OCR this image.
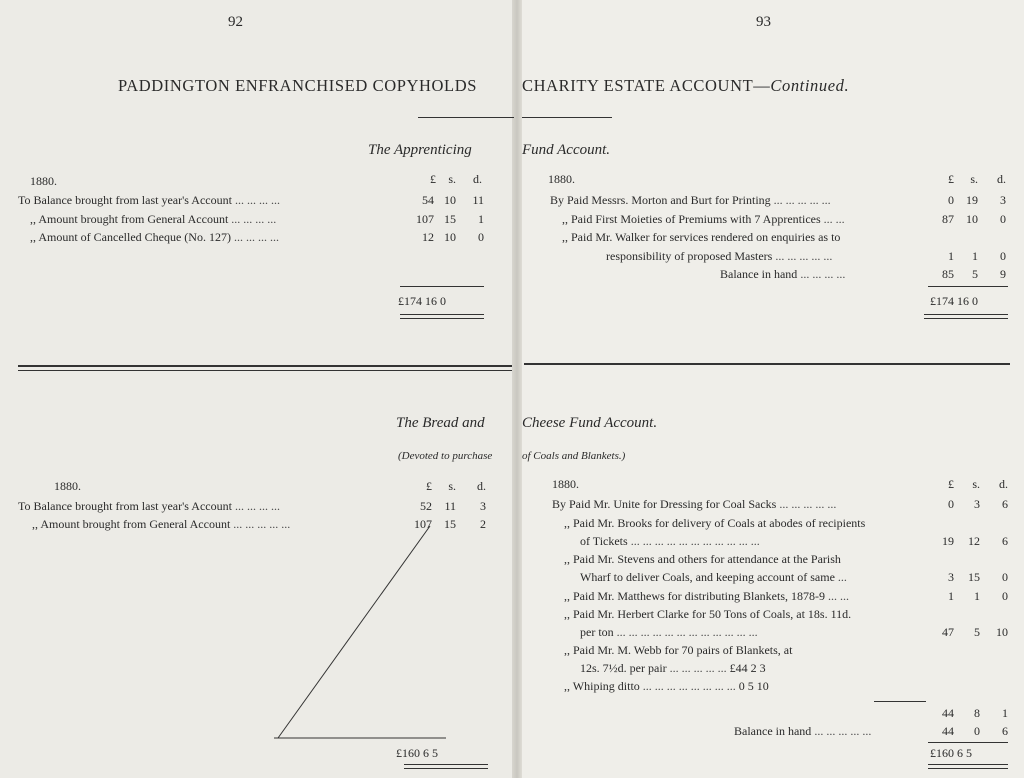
92	93
PADDINGTON ENFRANCHISED COPYHOLDS	CHARITY ESTATE ACCOUNT—Continued.
The Apprenticing	Fund Account.
1880.	£	s.	d.	1880.	£	s.	d.
To Balance brought from last year's Account ... ... ... ...	54 10	11
,, Amount brought from General Account ... ... ... ...	107 15	1
,, Amount of Cancelled Cheque (No. 127) ... ... ... ...	12 10	0
£174 16 0
By Paid Messrs. Morton and Burt for Printing ... ... ... ... ...	0	19	3
,, Paid First Moieties of Premiums with 7 Apprentices ... ...	87	10	0
,, Paid Mr. Walker for services rendered on enquiries as to
responsibility of proposed Masters ... ... ... ... ...	1	1	0
Balance in hand ... ... ... ...	85	5	9
£174 16 0
The Bread and Cheese Fund Account.
(Devoted to purchase	of Coals and Blankets.)
1880.	£	s.	d.	1880.	£	s.	d.
To Balance brought from last year's Account ... ... ... ...	52	11	3
,, Amount brought from General Account ... ... ... ... ...	107	15	2
£160 6 5
By Paid Mr. Unite for Dressing for Coal Sacks ... ... ... ... ...	0	3	6
,, Paid Mr. Brooks for delivery of Coals at abodes of recipients
of Tickets ... ... ... ... ... ... ... ... ... ... ...	19	12	6
,, Paid Mr. Stevens and others for attendance at the Parish
Wharf to deliver Coals, and keeping account of same ...	3	15	0
,, Paid Mr. Matthews for distributing Blankets, 1878-9 ... ...	1	1	0
,, Paid Mr. Herbert Clarke for 50 Tons of Coals, at 18s. 11d.
per ton ... ... ... ... ... ... ... ... ... ... ... ...	47	5	10
,, Paid Mr. M. Webb for 70 pairs of Blankets, at
12s. 7½d. per pair ... ... ... ... ... £44 2 3
,, Whiping ditto ... ... ... ... ... ... ... ... 0 5 10
44	8	1
Balance in hand ... ... ... ... ...	44	0	6
£160 6 5
